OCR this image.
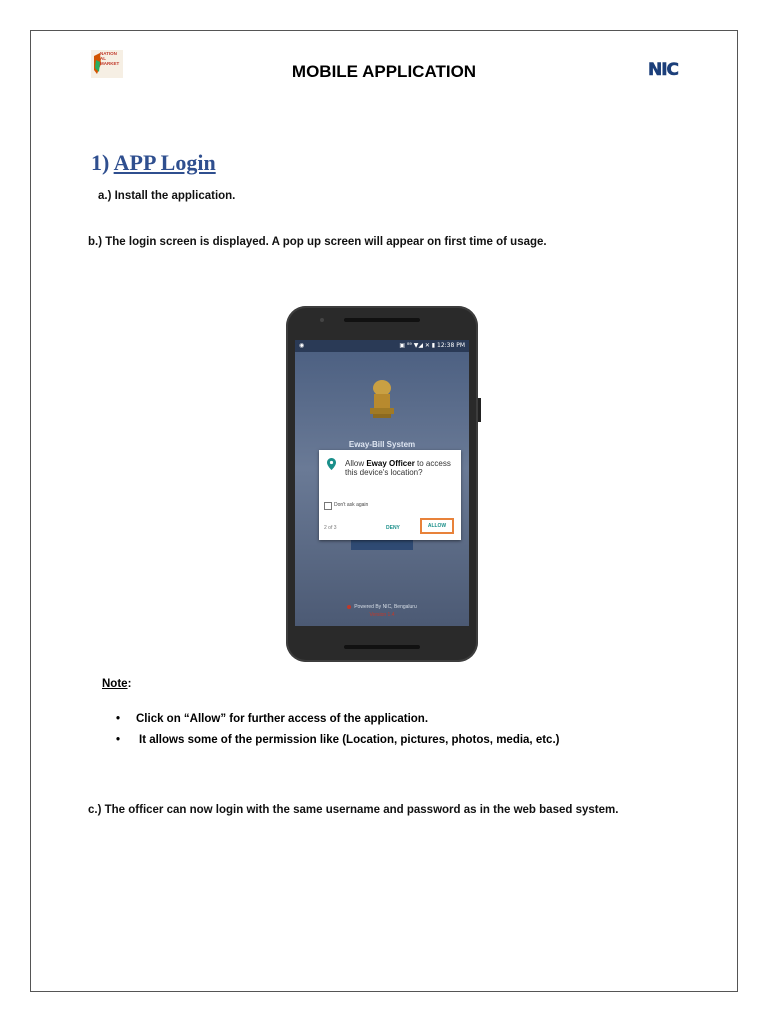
NATION
AL
MARKET	MOBILE APPLICATION	NIC
1) APP Login
a.) Install the application.
b.) The login screen is displayed. A pop up screen will appear on first time of usage.
◉	▣ ⁸⁹ ▼◢ ✕ ▮ 12:38 PM
Eway-Bill System
Allow Eway Officer to access this device's location?
Don't ask again
2 of 3	DENY	ALLOW
Powered By NIC, Bengaluru
Version 1.4
Note:
• Click on “Allow” for further access of the application.
• It allows some of the permission like (Location, pictures, photos, media, etc.)
c.) The officer can now login with the same username and password as in the web based system.
